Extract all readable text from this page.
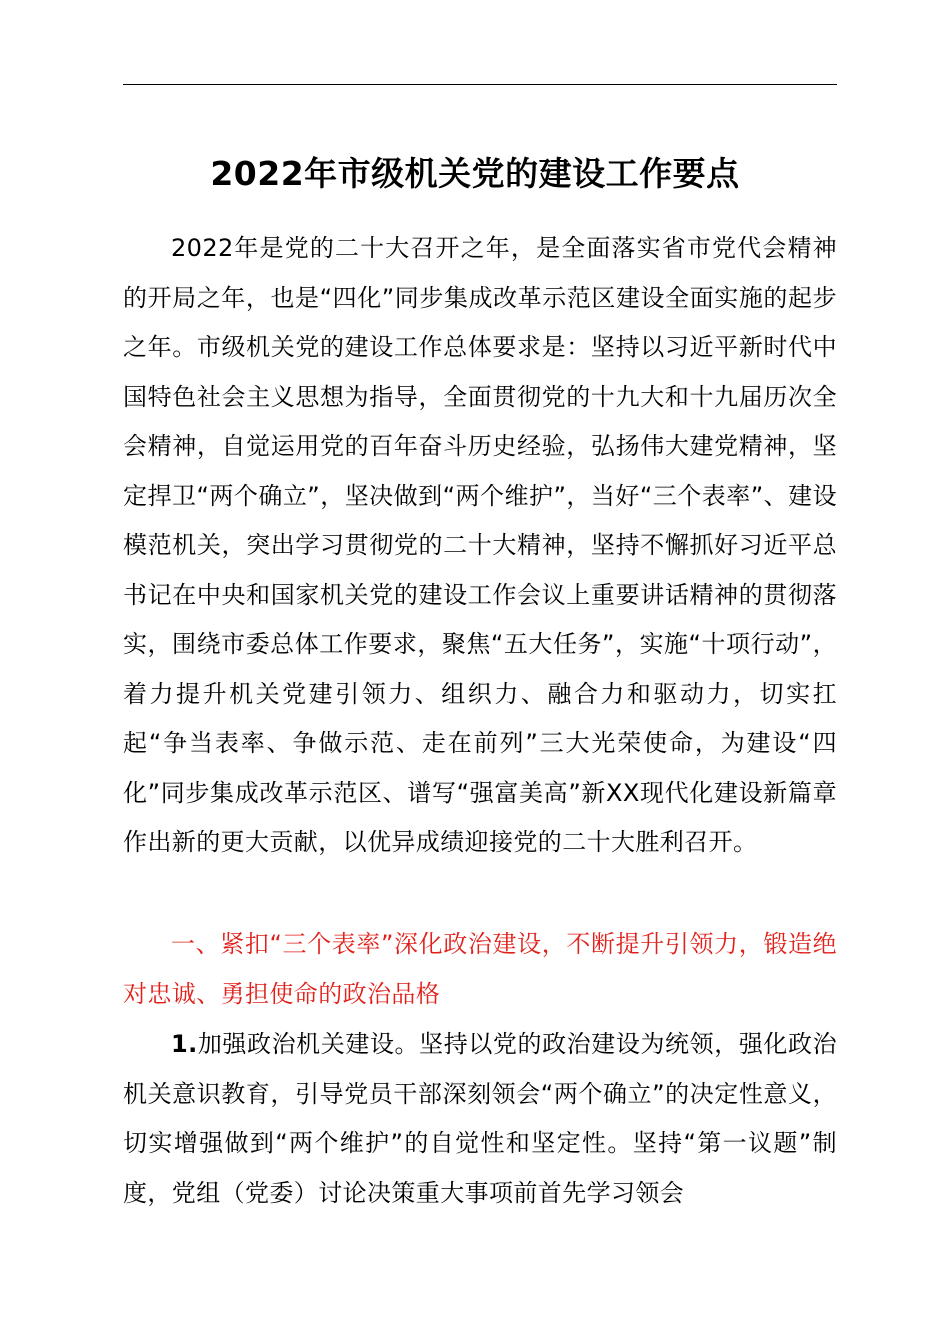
2022年市级机关党的建设工作要点

2022年是党的二十大召开之年，是全面落实省市党代会精神的开局之年，也是“四化”同步集成改革示范区建设全面实施的起步之年。市级机关党的建设工作总体要求是：坚持以习近平新时代中国特色社会主义思想为指导，全面贯彻党的十九大和十九届历次全会精神，自觉运用党的百年奋斗历史经验，弘扬伟大建党精神，坚定捍卫“两个确立”，坚决做到“两个维护”，当好“三个表率”、建设模范机关，突出学习贯彻党的二十大精神，坚持不懈抓好习近平总书记在中央和国家机关党的建设工作会议上重要讲话精神的贯彻落实，围绕市委总体工作要求，聚焦“五大任务”，实施“十项行动”，着力提升机关党建引领力、组织力、融合力和驱动力，切实扛起“争当表率、争做示范、走在前列”三大光荣使命，为建设“四化”同步集成改革示范区、谱写“强富美高”新XX现代化建设新篇章作出新的更大贡献，以优异成绩迎接党的二十大胜利召开。

一、紧扣“三个表率”深化政治建设，不断提升引领力，锻造绝对忠诚、勇担使命的政治品格

1.加强政治机关建设。坚持以党的政治建设为统领，强化政治机关意识教育，引导党员干部深刻领会“两个确立”的决定性意义，切实增强做到“两个维护”的自觉性和坚定性。坚持“第一议题”制度，党组（党委）讨论决策重大事项前首先学习领会
